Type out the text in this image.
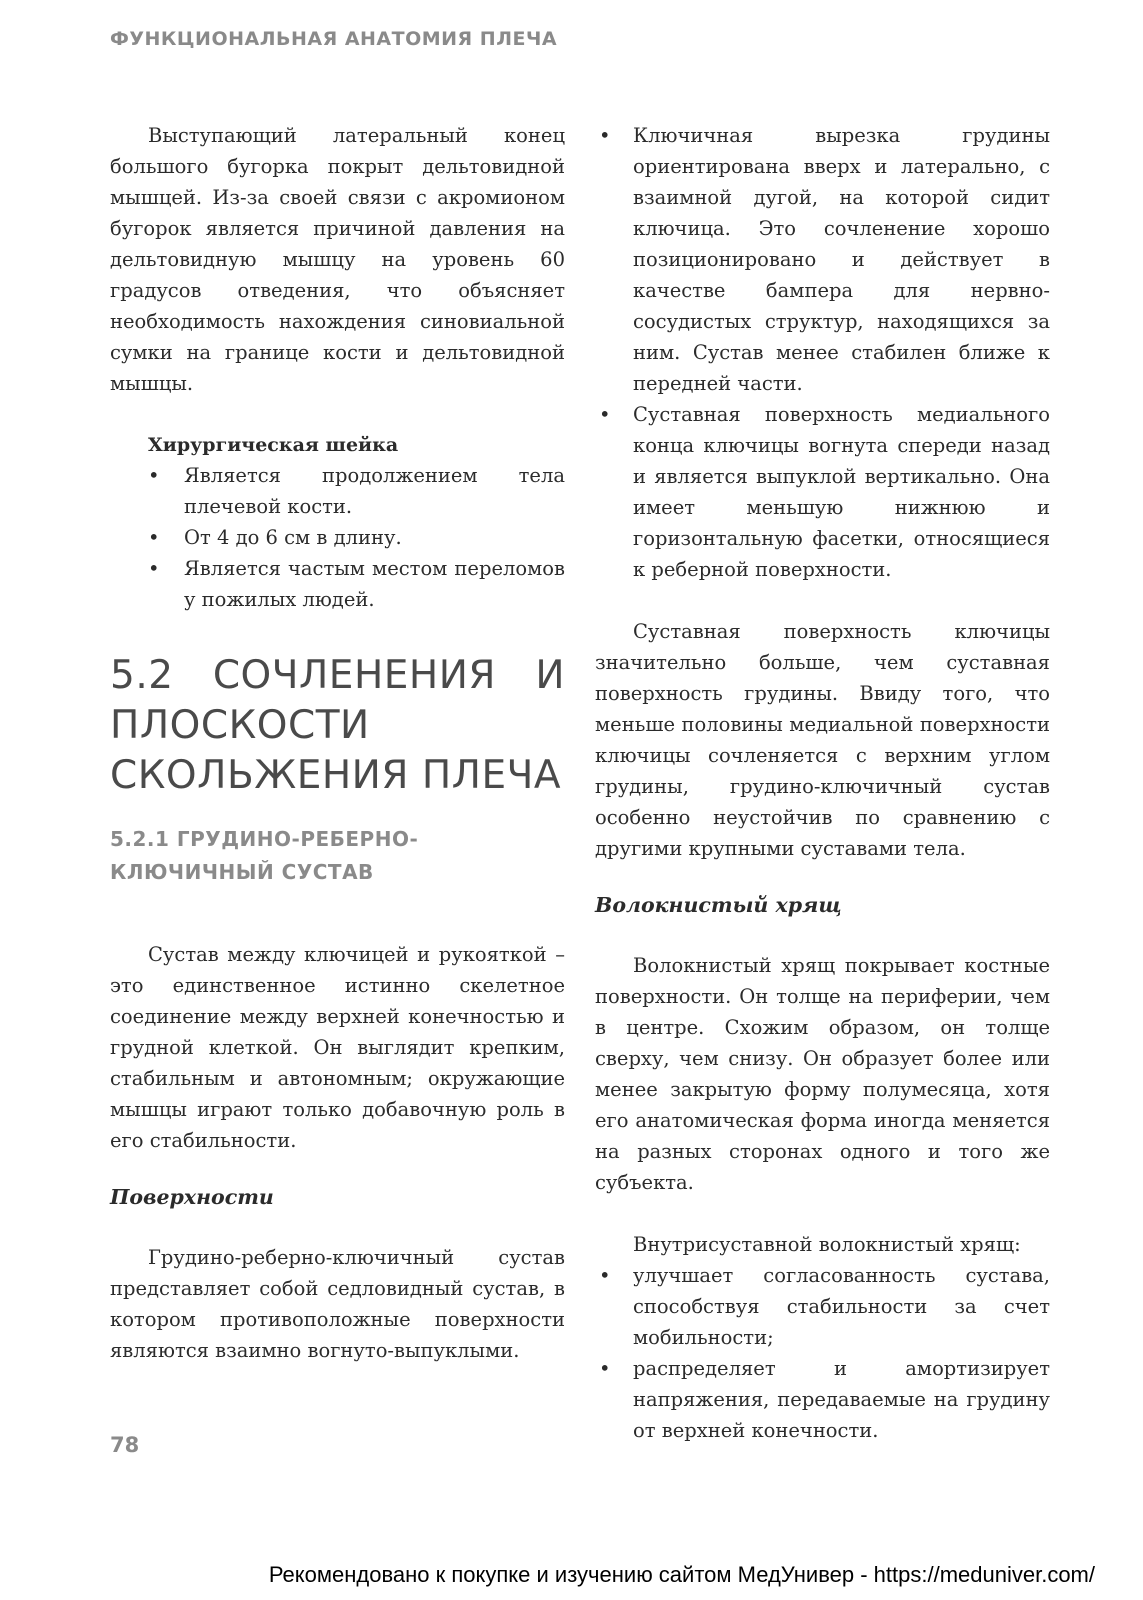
ФУНКЦИОНАЛЬНАЯ АНАТОМИЯ ПЛЕЧА

Выступающий латеральный конец большого бугорка покрыт дельтовидной мышцей. Из-за своей связи с акромионом бугорок является причиной давления на дельтовидную мышцу на уровень 60 градусов отведения, что объясняет необходимость нахождения синовиальной сумки на границе кости и дельтовидной мышцы.

Хирургическая шейка
•	Является продолжением тела плечевой кости.
•	От 4 до 6 см в длину.
•	Является частым местом переломов у пожилых людей.
5.2 СОЧЛЕНЕНИЯ И ПЛОСКОСТИ СКОЛЬЖЕНИЯ ПЛЕЧА
5.2.1 ГРУДИНО-РЕБЕРНО-КЛЮЧИЧНЫЙ СУСТАВ

Сустав между ключицей и рукояткой – это единственное истинно скелетное соединение между верхней конечностью и грудной клеткой. Он выглядит крепким, стабильным и автономным; окружающие мышцы играют только добавочную роль в его стабильности.

Поверхности

Грудино-реберно-ключичный сустав представляет собой седловидный сустав, в котором противоположные поверхности являются взаимно вогнуто-выпуклыми.

•	Ключичная вырезка грудины ориентирована вверх и латерально, с взаимной дугой, на которой сидит ключица. Это сочленение хорошо позиционировано и действует в качестве бампера для нервно-сосудистых структур, находящихся за ним. Сустав менее стабилен ближе к передней части.
•	Суставная поверхность медиального конца ключицы вогнута спереди назад и является выпуклой вертикально. Она имеет меньшую нижнюю и горизонтальную фасетки, относящиеся к реберной поверхности.

Суставная поверхность ключицы значительно больше, чем суставная поверхность грудины. Ввиду того, что меньше половины медиальной поверхности ключицы сочленяется с верхним углом грудины, грудино-ключичный сустав особенно неустойчив по сравнению с другими крупными суставами тела.

Волокнистый хрящ

Волокнистый хрящ покрывает костные поверхности. Он толще на периферии, чем в центре. Схожим образом, он толще сверху, чем снизу. Он образует более или менее закрытую форму полумесяца, хотя его анатомическая форма иногда меняется на разных сторонах одного и того же субъекта.

Внутрисуставной волокнистый хрящ:

•	улучшает согласованность сустава, способствуя стабильности за счет мобильности;
•	распределяет и амортизирует напряжения, передаваемые на грудину от верхней конечности.
78
Рекомендовано к покупке и изучению сайтом МедУнивер - https://meduniver.com/
